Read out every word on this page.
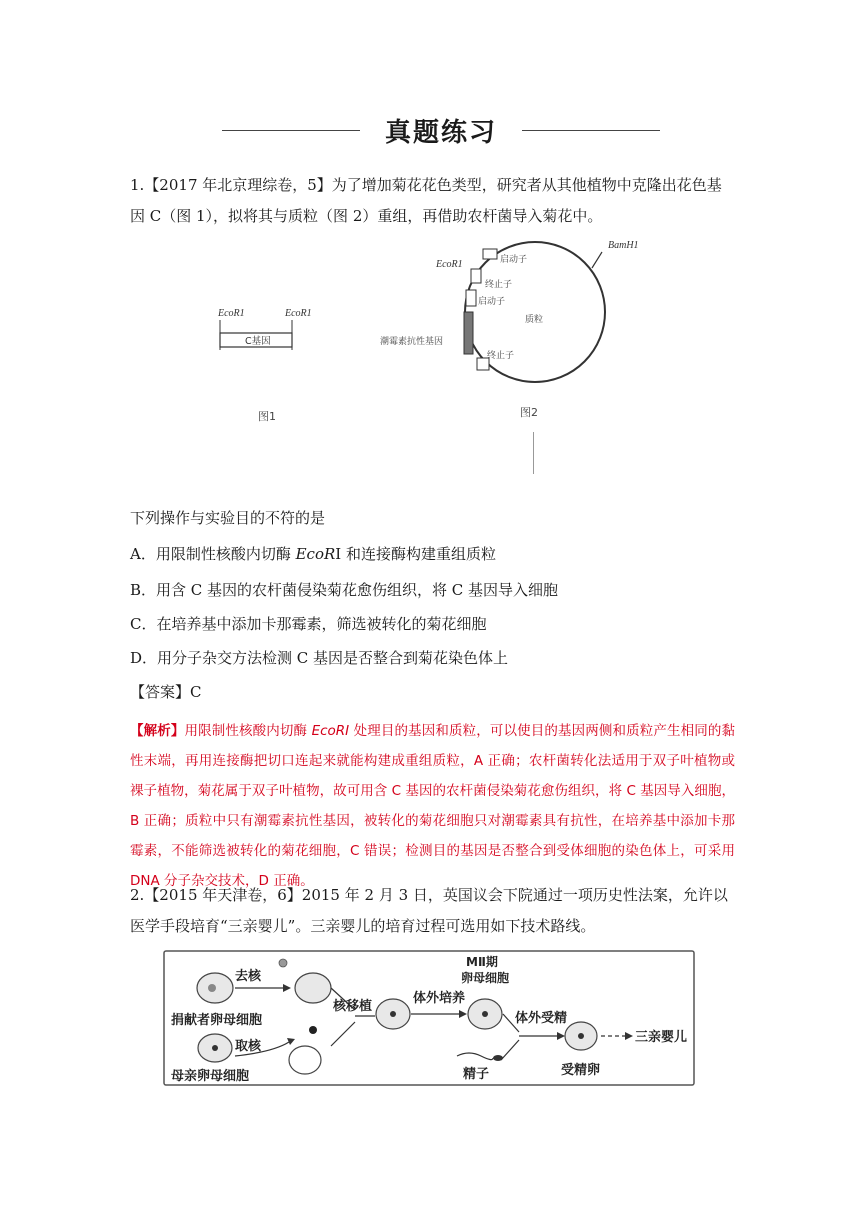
真题练习
1.【2017 年北京理综卷，5】为了增加菊花花色类型，研究者从其他植物中克隆出花色基因 C（图 1），拟将其与质粒（图 2）重组，再借助农杆菌导入菊花中。
EcoR1	EcoR1
C基因
图1
EcoR1
BamH1
启动子
终止子
启动子
质粒
潮霉素抗性基因
终止子
图2
下列操作与实验目的不符的是
A．用限制性核酸内切酶 EcoRI 和连接酶构建重组质粒
B．用含 C 基因的农杆菌侵染菊花愈伤组织，将 C 基因导入细胞
C．在培养基中添加卡那霉素，筛选被转化的菊花细胞
D．用分子杂交方法检测 C 基因是否整合到菊花染色体上
【答案】C
【解析】用限制性核酸内切酶 EcoRI 处理目的基因和质粒，可以使目的基因两侧和质粒产生相同的黏性末端，再用连接酶把切口连起来就能构建成重组质粒，A 正确；农杆菌转化法适用于双子叶植物或裸子植物，菊花属于双子叶植物，故可用含 C 基因的农杆菌侵染菊花愈伤组织，将 C 基因导入细胞，B 正确；质粒中只有潮霉素抗性基因，被转化的菊花细胞只对潮霉素具有抗性，在培养基中添加卡那霉素，不能筛选被转化的菊花细胞，C 错误；检测目的基因是否整合到受体细胞的染色体上，可采用 DNA 分子杂交技术，D 正确。
2.【2015 年天津卷，6】2015 年 2 月 3 日，英国议会下院通过一项历史性法案，允许以医学手段培育“三亲婴儿”。三亲婴儿的培育过程可选用如下技术路线。
捐献者卵母细胞
去核
核移植
体外培养
MⅡ期
卵母细胞
体外受精
三亲婴儿
受精卵
精子
取核
母亲卵母细胞
